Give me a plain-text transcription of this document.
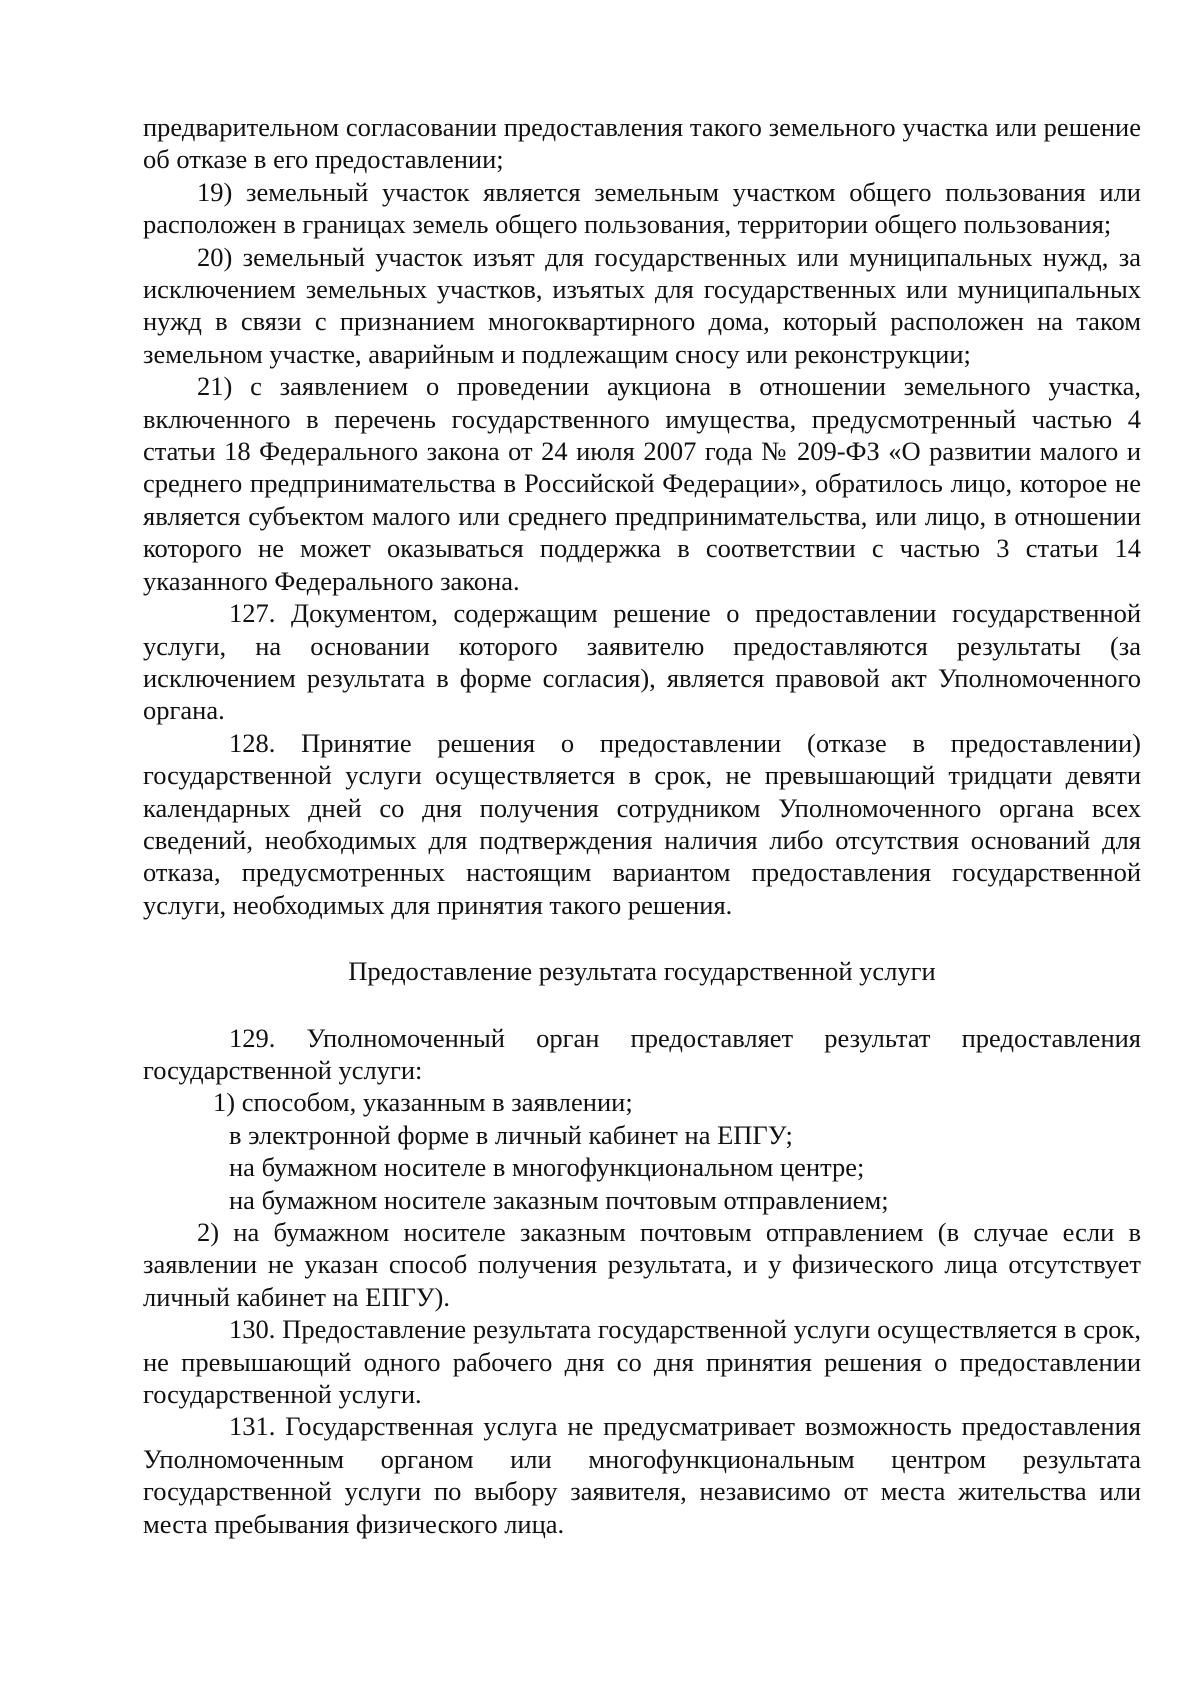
предварительном согласовании предоставления такого земельного участка или решение об отказе в его предоставлении;

19) земельный участок является земельным участком общего пользования или расположен в границах земель общего пользования, территории общего пользования;

20) земельный участок изъят для государственных или муниципальных нужд, за исключением земельных участков, изъятых для государственных или муниципальных нужд в связи с признанием многоквартирного дома, который расположен на таком земельном участке, аварийным и подлежащим сносу или реконструкции;

21) с заявлением о проведении аукциона в отношении земельного участка, включенного в перечень государственного имущества, предусмотренный частью 4 статьи 18 Федерального закона от 24 июля 2007 года № 209-ФЗ «О развитии малого и среднего предпринимательства в Российской Федерации», обратилось лицо, которое не является субъектом малого или среднего предпринимательства, или лицо, в отношении которого не может оказываться поддержка в соответствии с частью 3 статьи 14 указанного Федерального закона.

127. Документом, содержащим решение о предоставлении государственной услуги, на основании которого заявителю предоставляются результаты (за исключением результата в форме согласия), является правовой акт Уполномоченного органа.

128. Принятие решения о предоставлении (отказе в предоставлении) государственной услуги осуществляется в срок, не превышающий тридцати девяти календарных дней со дня получения сотрудником Уполномоченного органа всех сведений, необходимых для подтверждения наличия либо отсутствия оснований для отказа, предусмотренных настоящим вариантом предоставления государственной услуги, необходимых для принятия такого решения.

Предоставление результата государственной услуги

129. Уполномоченный орган предоставляет результат предоставления государственной услуги:

1) способом, указанным в заявлении;

в электронной форме в личный кабинет на ЕПГУ;

на бумажном носителе в многофункциональном центре;

на бумажном носителе заказным почтовым отправлением;

2) на бумажном носителе заказным почтовым отправлением (в случае если в заявлении не указан способ получения результата, и у физического лица отсутствует личный кабинет на ЕПГУ).

130. Предоставление результата государственной услуги осуществляется в срок, не превышающий одного рабочего дня со дня принятия решения о предоставлении государственной услуги.

131. Государственная услуга не предусматривает возможность предоставления Уполномоченным органом или многофункциональным центром результата государственной услуги по выбору заявителя, независимо от места жительства или места пребывания физического лица.
